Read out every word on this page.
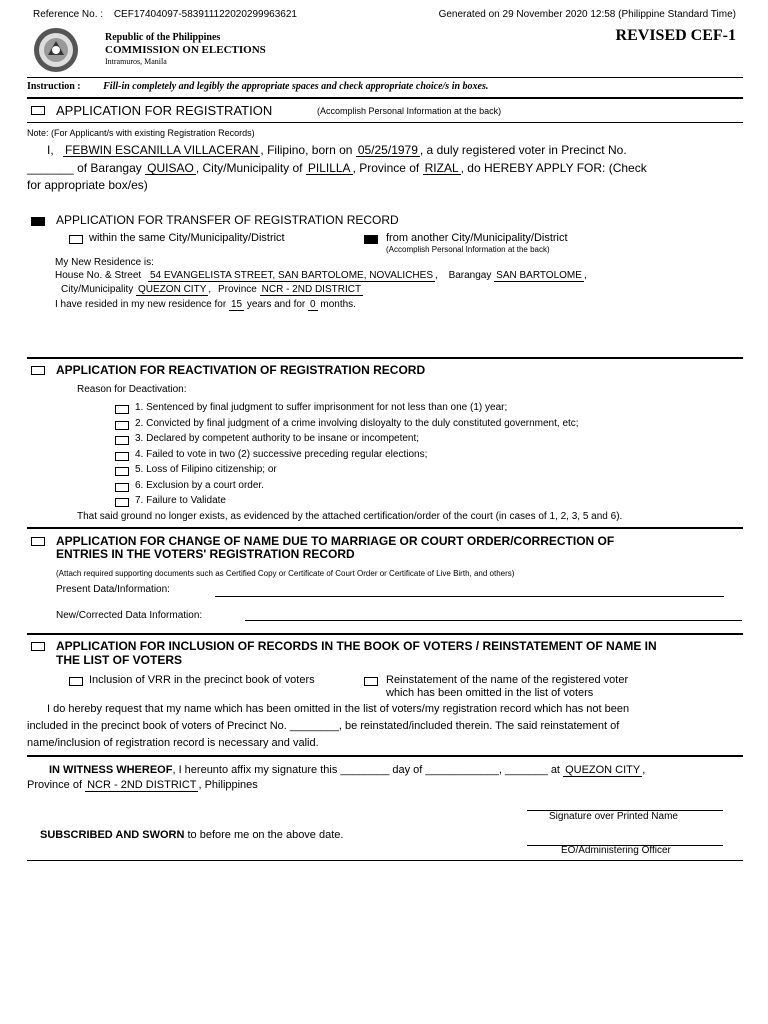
Reference No. : CEF17404097-583911122020299963621	Generated on 29 November 2020 12:58 (Philippine Standard Time)
Republic of the Philippines
COMMISSION ON ELECTIONS
Intramuros, Manila
REVISED CEF-1
Instruction : Fill-in completely and legibly the appropriate spaces and check appropriate choice/s in boxes.
APPLICATION FOR REGISTRATION	(Accomplish Personal Information at the back)
Note: (For Applicant/s with existing Registration Records)
I, FEBWIN ESCANILLA VILLACERAN , Filipino, born on 05/25/1979 , a duly registered voter in Precinct No.
_______ of Barangay QUISAO , City/Municipality of PILILLA , Province of RIZAL , do HEREBY APPLY FOR: (Check
for appropriate box/es)
APPLICATION FOR TRANSFER OF REGISTRATION RECORD
within the same City/Municipality/District	from another City/Municipality/District
(Accomplish Personal Information at the back)
My New Residence is:
House No. & Street 54 EVANGELISTA STREET, SAN BARTOLOME, NOVALICHES , Barangay SAN BARTOLOME ,
City/Municipality QUEZON CITY , Province NCR - 2ND DISTRICT
I have resided in my new residence for 15 years and for 0 months.
APPLICATION FOR REACTIVATION OF REGISTRATION RECORD
Reason for Deactivation:
1. Sentenced by final judgment to suffer imprisonment for not less than one (1) year;
2. Convicted by final judgment of a crime involving disloyalty to the duly constituted government, etc;
3. Declared by competent authority to be insane or incompetent;
4. Failed to vote in two (2) successive preceding regular elections;
5. Loss of Filipino citizenship; or
6. Exclusion by a court order.
7. Failure to Validate
That said ground no longer exists, as evidenced by the attached certification/order of the court (in cases of 1, 2, 3, 5 and 6).
APPLICATION FOR CHANGE OF NAME DUE TO MARRIAGE OR COURT ORDER/CORRECTION OF
ENTRIES IN THE VOTERS' REGISTRATION RECORD
(Attach required supporting documents such as Certified Copy or Certificate of Court Order or Certificate of Live Birth, and others)
Present Data/Information:
New/Corrected Data Information:
APPLICATION FOR INCLUSION OF RECORDS IN THE BOOK OF VOTERS / REINSTATEMENT OF NAME IN
THE LIST OF VOTERS
Inclusion of VRR in the precinct book of voters	Reinstatement of the name of the registered voter
which has been omitted in the list of voters
I do hereby request that my name which has been omitted in the list of voters/my registration record which has not been
included in the precinct book of voters of Precinct No. ________, be reinstated/included therein. The said reinstatement of
name/inclusion of registration record is necessary and valid.
IN WITNESS WHEREOF, I hereunto affix my signature this ________ day of ____________, _______ at QUEZON CITY ,
Province of NCR - 2ND DISTRICT , Philippines
Signature over Printed Name
SUBSCRIBED AND SWORN to before me on the above date.
EO/Administering Officer
